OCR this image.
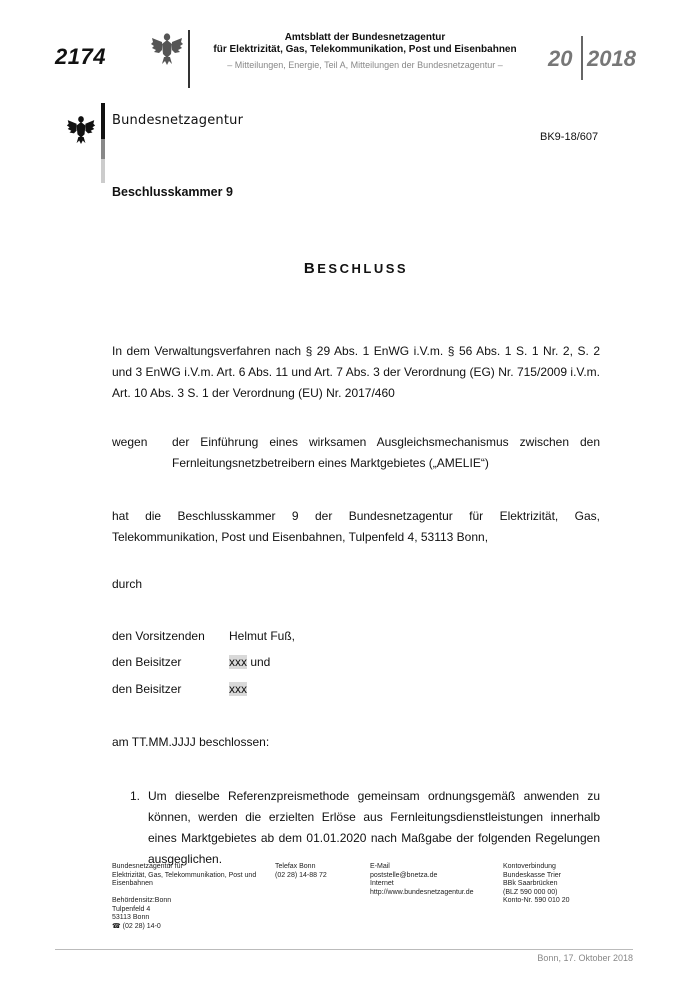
2174
Amtsblatt der Bundesnetzagentur
für Elektrizität, Gas, Telekommunikation, Post und Eisenbahnen
– Mitteilungen, Energie, Teil A, Mitteilungen der Bundesnetzagentur –	20 2018
Bundesnetzagentur
BK9-18/607
Beschlusskammer 9
BESCHLUSS
In dem Verwaltungsverfahren nach § 29 Abs. 1 EnWG i.V.m. § 56 Abs. 1 S. 1 Nr. 2, S. 2 und 3 EnWG i.V.m. Art. 6 Abs. 11 und Art. 7 Abs. 3 der Verordnung (EG) Nr. 715/2009 i.V.m. Art. 10 Abs. 3 S. 1 der Verordnung (EU) Nr. 2017/460
wegen der Einführung eines wirksamen Ausgleichsmechanismus zwischen den Fernleitungsnetzbetreibern eines Marktgebietes („AMELIE“)
hat die Beschlusskammer 9 der Bundesnetzagentur für Elektrizität, Gas, Telekommunikation, Post und Eisenbahnen, Tulpenfeld 4, 53113 Bonn,
durch
den Vorsitzenden Helmut Fuß,
den Beisitzer	xxx und
den Beisitzer	xxx
am TT.MM.JJJJ beschlossen:
1. Um dieselbe Referenzpreismethode gemeinsam ordnungsgemäß anwenden zu können, werden die erzielten Erlöse aus Fernleitungsdienstleistungen innerhalb eines Marktgebietes ab dem 01.01.2020 nach Maßgabe der folgenden Regelungen ausgeglichen.
Bundesnetzagentur für
Elektrizität, Gas, Telekommunikation, Post und
Eisenbahnen

Behördensitz:Bonn
Tulpenfeld 4
53113 Bonn
☎ (02 28) 14-0
Telefax Bonn
(02 28) 14-88 72
E-Mail
poststelle@bnetza.de
Internet
http://www.bundesnetzagentur.de
Kontoverbindung
Bundeskasse Trier
BBk Saarbrücken
(BLZ 590 000 00)
Konto-Nr. 590 010 20
Bonn, 17. Oktober 2018
